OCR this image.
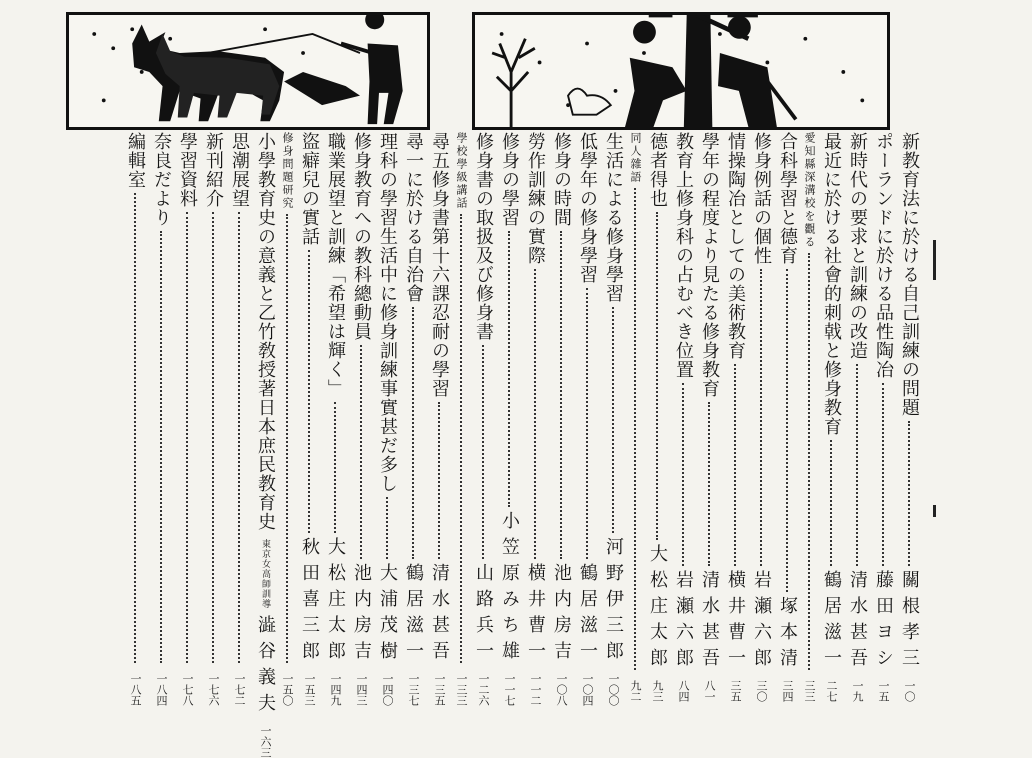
新教育法に於ける自己訓練の問題
關根孝三
一〇
ポーランドに於ける品性陶冶
藤田ヨシ
一五
新時代の要求と訓練の改造
清水甚吾
一九
最近に於ける社會的刺戟と修身教育
鶴居滋一
二七
愛知縣深溝校を觀る
三三
合科學習と德育
塚本清
三四
修身例話の個性
岩瀬六郎
三〇
情操陶冶としての美術教育
横井曹一
三五
學年の程度より見たる修身教育
清水甚吾
八一
教育上修身科の占むべき位置
岩瀬六郎
八四
德者得也
大松庄太郎
九三
同人雜語
九二
生活による修身學習
河野伊三郎
一〇〇
低學年の修身學習
鶴居滋一
一〇四
修身の時間
池内房吉
一〇八
勞作訓練の實際
横井曹一
一一二
修身の學習
小笠原みち雄
一一七
修身書の取扱及び修身書
山路兵一
一二六
學校學級講話
一三三
尋五修身書第十六課忍耐の學習
清水甚吾
一三五
尋一に於ける自治會
鶴居滋一
一三七
理科の學習生活中に修身訓練事實甚だ多し
大浦茂樹
一四〇
修身教育への教科總動員
池内房吉
一四三
職業展望と訓練「希望は輝く」
大松庄太郎
一四九
盜癖兒の實話
秋田喜三郎
一五三
修身問題研究
一五〇
小學教育史の意義と乙竹敎授著日本庶民教育史
東京女高師訓導
澁谷義夫
一六三
思潮展望
一七二
新刊紹介
一七六
學習資料
一七八
奈良だより
一八四
編輯室
一八五
